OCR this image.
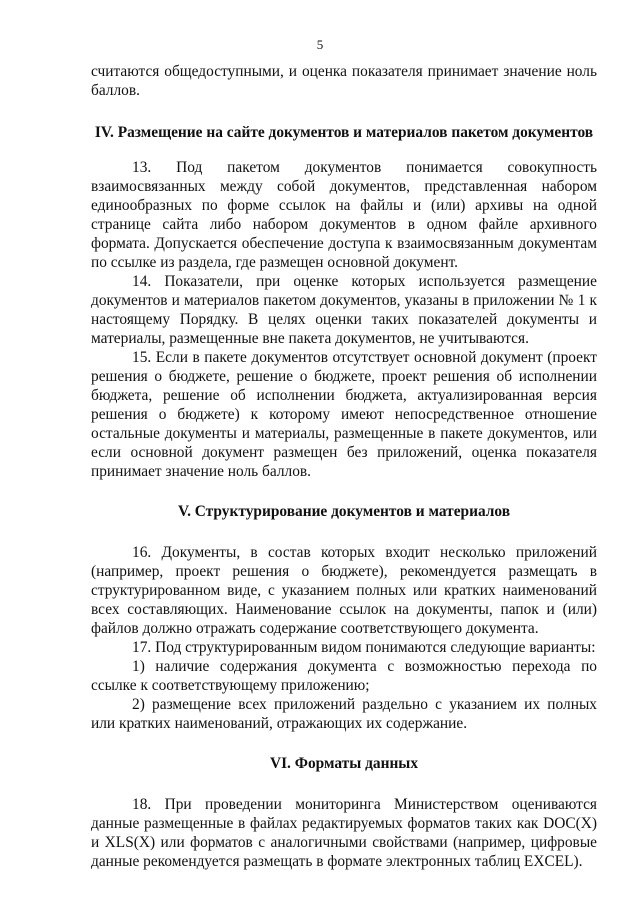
5

считаются общедоступными, и оценка показателя принимает значение ноль баллов.

IV. Размещение на сайте документов и материалов пакетом документов

13. Под пакетом документов понимается совокупность взаимосвязанных между собой документов, представленная набором единообразных по форме ссылок на файлы и (или) архивы на одной странице сайта либо набором документов в одном файле архивного формата. Допускается обеспечение доступа к взаимосвязанным документам по ссылке из раздела, где размещен основной документ.

14. Показатели, при оценке которых используется размещение документов и материалов пакетом документов, указаны в приложении № 1 к настоящему Порядку. В целях оценки таких показателей документы и материалы, размещенные вне пакета документов, не учитываются.

15. Если в пакете документов отсутствует основной документ (проект решения о бюджете, решение о бюджете, проект решения об исполнении бюджета, решение об исполнении бюджета, актуализированная версия решения о бюджете) к которому имеют непосредственное отношение остальные документы и материалы, размещенные в пакете документов, или если основной документ размещен без приложений, оценка показателя принимает значение ноль баллов.

V. Структурирование документов и материалов

16. Документы, в состав которых входит несколько приложений (например, проект решения о бюджете), рекомендуется размещать в структурированном виде, с указанием полных или кратких наименований всех составляющих. Наименование ссылок на документы, папок и (или) файлов должно отражать содержание соответствующего документа.

17. Под структурированным видом понимаются следующие варианты:

1) наличие содержания документа с возможностью перехода по ссылке к соответствующему приложению;

2) размещение всех приложений раздельно с указанием их полных или кратких наименований, отражающих их содержание.

VI. Форматы данных

18. При проведении мониторинга Министерством оцениваются данные размещенные в файлах редактируемых форматов таких как DOC(X) и XLS(X) или форматов с аналогичными свойствами (например, цифровые данные рекомендуется размещать в формате электронных таблиц EXCEL).
